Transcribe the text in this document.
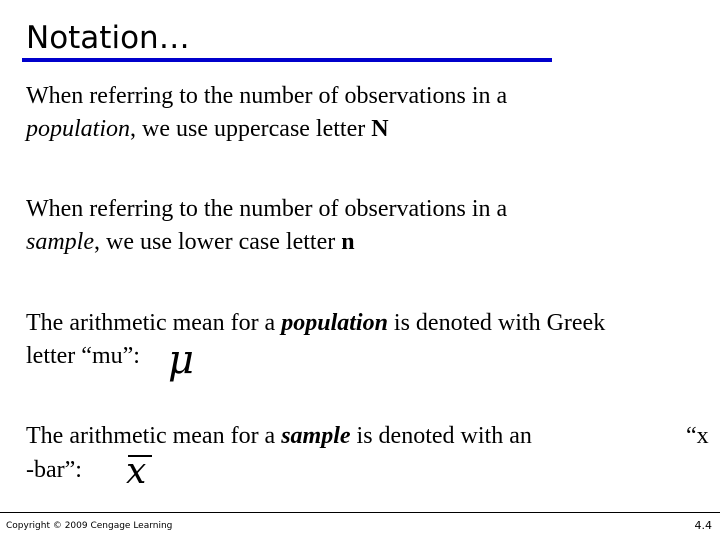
Notation…
When referring to the number of observations in a
population, we use uppercase letter N
When referring to the number of observations in a
sample, we use lower case letter n
The arithmetic mean for a population is denoted with Greek
letter “mu”: μ
The arithmetic mean for a sample is denoted with an	“x
-bar”: x
Copyright © 2009 Cengage Learning	4.4
